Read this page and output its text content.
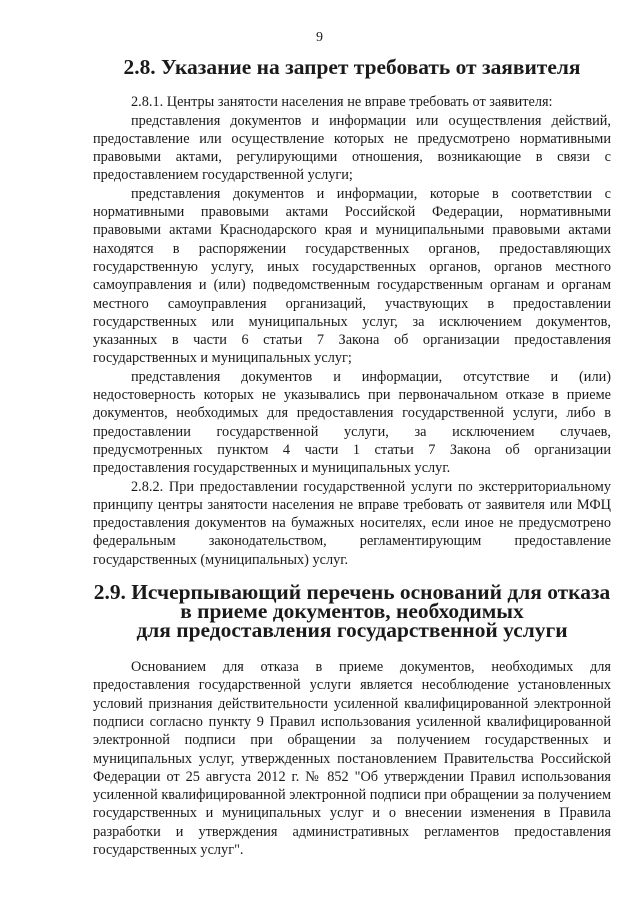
9
2.8. Указание на запрет требовать от заявителя

2.8.1. Центры занятости населения не вправе требовать от заявителя:

представления документов и информации или осуществления действий, предоставление или осуществление которых не предусмотрено нормативными правовыми актами, регулирующими отношения, возникающие в связи с предоставлением государственной услуги;

представления документов и информации, которые в соответствии с нормативными правовыми актами Российской Федерации, нормативными правовыми актами Краснодарского края и муниципальными правовыми актами находятся в распоряжении государственных органов, предоставляющих государственную услугу, иных государственных органов, органов местного самоуправления и (или) подведомственным государственным органам и органам местного самоуправления организаций, участвующих в предоставлении государственных или муниципальных услуг, за исключением документов, указанных в части 6 статьи 7 Закона об организации предоставления государственных и муниципальных услуг;

представления документов и информации, отсутствие и (или) недостоверность которых не указывались при первоначальном отказе в приеме документов, необходимых для предоставления государственной услуги, либо в предоставлении государственной услуги, за исключением случаев, предусмотренных пунктом 4 части 1 статьи 7 Закона об организации предоставления государственных и муниципальных услуг.

2.8.2. При предоставлении государственной услуги по экстерриториальному принципу центры занятости населения не вправе требовать от заявителя или МФЦ предоставления документов на бумажных носителях, если иное не предусмотрено федеральным законодательством, регламентирующим предоставление государственных (муниципальных) услуг.

2.9. Исчерпывающий перечень оснований для отказа
в приеме документов, необходимых
для предоставления государственной услуги

Основанием для отказа в приеме документов, необходимых для предоставления государственной услуги является несоблюдение установленных условий признания действительности усиленной квалифицированной электронной подписи согласно пункту 9 Правил использования усиленной квалифицированной электронной подписи при обращении за получением государственных и муниципальных услуг, утвержденных постановлением Правительства Российской Федерации от 25 августа 2012 г. № 852 "Об утверждении Правил использования усиленной квалифицированной электронной подписи при обращении за получением государственных и муниципальных услуг и о внесении изменения в Правила разработки и утверждения административных регламентов предоставления государственных услуг".
